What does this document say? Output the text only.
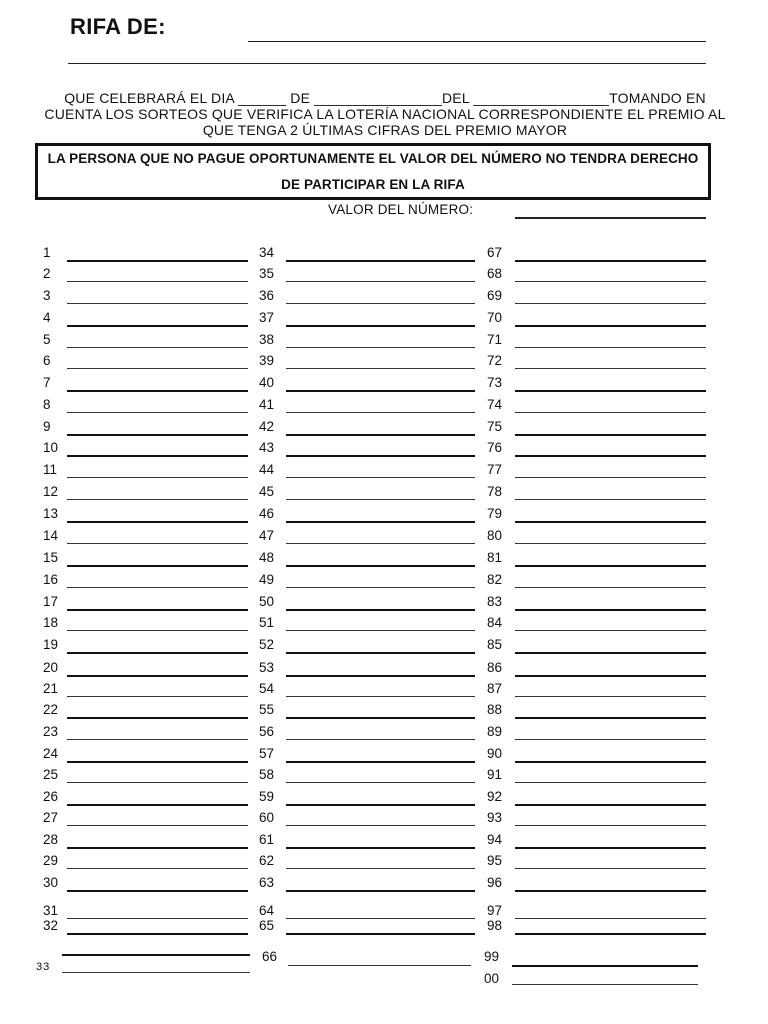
RIFA DE:
QUE CELEBRARÁ EL DIA ______ DE ________________DEL _________________TOMANDO EN
CUENTA LOS SORTEOS QUE VERIFICA LA LOTERÍA NACIONAL CORRESPONDIENTE EL PREMIO AL
QUE TENGA 2 ÚLTIMAS CIFRAS DEL PREMIO MAYOR
LA PERSONA QUE NO PAGUE OPORTUNAMENTE EL VALOR DEL NÚMERO NO TENDRA DERECHO
DE PARTICIPAR EN LA RIFA
VALOR DEL NÚMERO:
1
2
3
4
5
6
7
8
9
10
11
12
13
14
15
16
17
18
19
20
21
22
23
24
25
26
27
28
29
30
31
32
34
35
36
37
38
39
40
41
42
43
44
45
46
47
48
49
50
51
52
53
54
55
56
57
58
59
60
61
62
63
64
65
67
68
69
70
71
72
73
74
75
76
77
78
79
80
81
82
83
84
85
86
87
88
89
90
91
92
93
94
95
96
97
98
33
66	99
00
